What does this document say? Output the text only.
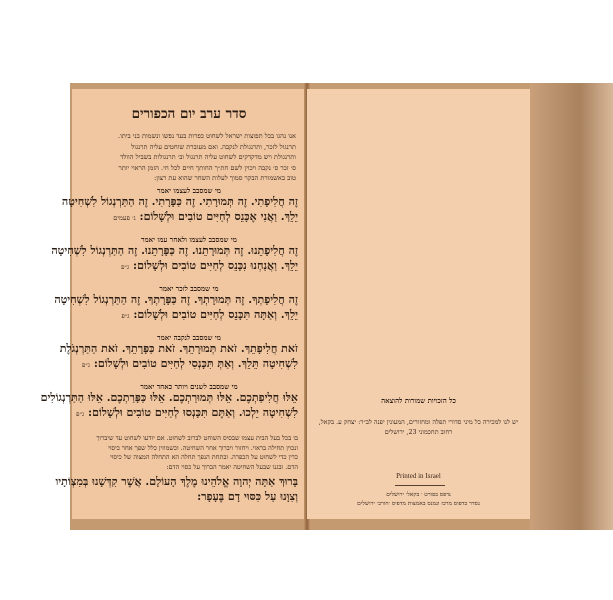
סדר ערב יום הכפורים
אנו נהגו בכל תפוצות ישראל לשחוט כפרות בעד נפשו ונשמות בני ביתו.
תרנגול לזכר, ותרנגולת לנקבה. ואם מעוברת שוחטים עליה תרנגול
ותרנגולת ויש מדקדקים לשחוט עליה תרנגול וב׳ תרנגולות בשביל הוולד
ס׳ זכר ס׳ נקבה ויכוין לשם חת״ך החותך חיים לכל חי. הזמן הראוי יותר
טוב באשמורת הבקר סמוך לעלות השחר שהוא עת רצון:
מי שמסבב לעצמו יאמר
זֶה חֲלִיפָתִי. זֶה תְּמוּרָתִי. זֶה כַּפָּרָתִי. זֶה הַתַּרְנְגוֹל לִשְׁחִיטָה
יֵלֵךְ. וַאֲנִי אֶכָּנֵס לְחַיִּים טוֹבִים וּלְשָׁלוֹם: ג׳ פעמים
מי שמסבב לעצמו ולאחר עמו יאמר
זֶה חֲלִיפָתֵנוּ. זֶה תְּמוּרָתֵנוּ. זֶה כַּפָּרָתֵנוּ. זֶה הַתַּרְנְגוֹל לִשְׁחִיטָה
יֵלֵךְ. וַאֲנַחְנוּ נִכָּנֵס לְחַיִּים טוֹבִים וּלְשָׁלוֹם: ג״פ
מי שמסבב לזכר יאמר
זֶה חֲלִיפָתְךָ. זֶה תְּמוּרָתְךָ. זֶה כַּפָּרָתְךָ. זֶה הַתַּרְנְגוֹל לִשְׁחִיטָה
יֵלֵךְ. וְאַתָּה תִּכָּנֵס לְחַיִּים טוֹבִים וּלְשָׁלוֹם: ג״פ
מי שמסבב לנקבה יאמר
זֹאת חֲלִיפָתֵךְ. זֹאת תְּמוּרָתֵךְ. זֹאת כַּפָּרָתֵךְ. זֹאת הַתַּרְנְגֹלֶת
לִשְׁחִיטָה תֵּלֵךְ. וְאַתְּ תִּכָּנְסִי לְחַיִּים טוֹבִים וּלְשָׁלוֹם: ג״פ
מי שמסבב לשנים ויותר כאחד יאמר
אֵלּוּ חֲלִיפַתְכֶם. אֵלּוּ תְּמוּרַתְכֶם. אֵלּוּ כַּפָּרַתְכֶם. אֵלּוּ הַתַּרְנְגוֹלִים
לִשְׁחִיטָה יֵלְכוּ. וְאַתֶּם תִּכָּנְסוּ לְחַיִּים טוֹבִים וּלְשָׁלוֹם: ג״פ
בו בכל בעל הבית עצמו שבסיס השוחט לברוב לשחוט. אם יודעו לשחוט עד שיברוך
ונכוין תחילה בראוי. ויחזור ויברוך אחר השחיטה. וכשמוזין כלל שפך אחר כיסוי
כדין כדי לשחוט על הכפרה. ובתחת הנפך תחלה הא התחלה המצוה של כיסוי
הדם. ובגנו שבעל השחיטה יאמר הברוך על כסוי הדם:
בָּרוּךְ אַתָּה יְהוָה אֱלֹהֵינוּ מֶלֶךְ הָעוֹלָם. אֲשֶׁר קִדְּשָׁנוּ בְּמִצְוֹתָיו
וְצִוָּנוּ עַל כִּסּוּי דָם בֶּעָפָר:
כל הזכויות שמורות להוצאה
יש לנו למכירה כל מיני סדורי תפלה ומחזורים, המעונין יפנה לב״ר: יצחק ע. בקאל, רחוב תחכמוני 23, ירושלים
Printed in Israel
נדפס בפורט ׳ בקאל׳ ירושלים
נסדר בדפוס מרכז ונמנס באמצות מדפיס ׳חורב׳ ירושלים
